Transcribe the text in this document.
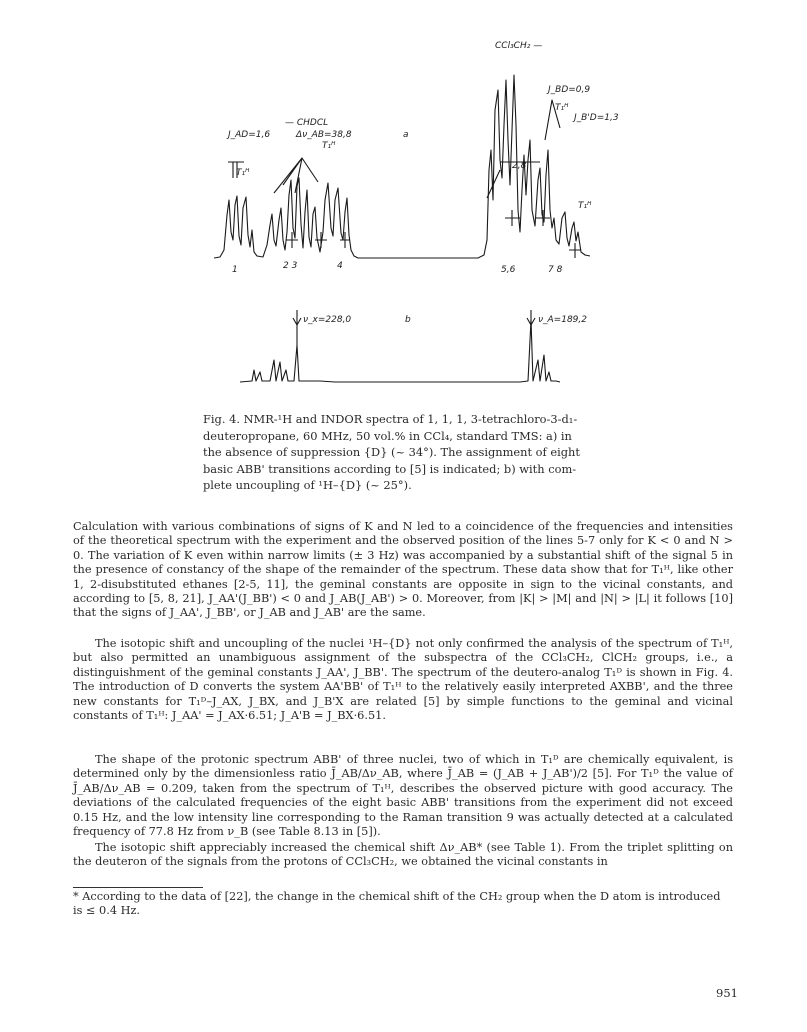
CCl₃CH₂ —
J_BD=0,9
J_B'D=1,3
— CHDCL
J_AD=1,6	Δν_AB=38,8	a
T₁ᴴ
T₁ᴴ
T₁ᴴ
2,8
T₁ᴴ
1	2 3	4	5,6	7 8
ν_x=228,0	b	ν_A=189,2
Fig. 4. NMR-¹H and INDOR spectra of 1, 1, 1, 3-tetrachloro-3-d₁-
deuteropropane, 60 MHz, 50 vol.% in CCl₄, standard TMS: a) in
the absence of suppression {D} (~ 34°). The assignment of eight
basic ABB' transitions according to [5] is indicated; b) with com-
plete uncoupling of ¹H–{D} (~ 25°).
Calculation with various combinations of signs of K and N led to a coincidence of the frequencies and intensities of the theoretical spectrum with the experiment and the observed position of the lines 5-7 only for K < 0 and N > 0. The variation of K even within narrow limits (± 3 Hz) was accompanied by a substantial shift of the signal 5 in the presence of constancy of the shape of the remainder of the spectrum. These data show that for T₁ᴴ, like other 1, 2-disubstituted ethanes [2-5, 11], the geminal constants are opposite in sign to the vicinal constants, and according to [5, 8, 21], J_AA'(J_BB') < 0 and J_AB(J_AB') > 0. Moreover, from |K| > |M| and |N| > |L| it follows [10] that the signs of J_AA', J_BB', or J_AB and J_AB' are the same.
The isotopic shift and uncoupling of the nuclei ¹H–{D} not only confirmed the analysis of the spectrum of T₁ᴴ, but also permitted an unambiguous assignment of the subspectra of the CCl₃CH₂, ClCH₂ groups, i.e., a distinguishment of the geminal constants J_AA', J_BB'. The spectrum of the deutero-analog T₁ᴰ is shown in Fig. 4. The introduction of D converts the system AA'BB' of T₁ᴴ to the relatively easily interpreted AXBB', and the three new constants for T₁ᴰ–J_AX, J_BX, and J_B'X are related [5] by simple functions to the geminal and vicinal constants of T₁ᴴ: J_AA' = J_AX·6.51; J_A'B = J_BX·6.51.
The shape of the protonic spectrum ABB' of three nuclei, two of which in T₁ᴰ are chemically equivalent, is determined only by the dimensionless ratio J̄_AB/Δν_AB, where J̄_AB = (J_AB + J_AB')/2 [5]. For T₁ᴰ the value of J̄_AB/Δν_AB = 0.209, taken from the spectrum of T₁ᴴ, describes the observed picture with good accuracy. The deviations of the calculated frequencies of the eight basic ABB' transitions from the experiment did not exceed 0.15 Hz, and the low intensity line corresponding to the Raman transition 9 was actually detected at a calculated frequency of 77.8 Hz from ν_B (see Table 8.13 in [5]).
The isotopic shift appreciably increased the chemical shift Δν_AB* (see Table 1). From the triplet splitting on the deuteron of the signals from the protons of CCl₃CH₂, we obtained the vicinal constants in
* According to the data of [22], the change in the chemical shift of the CH₂ group when the D atom is introduced is ≤ 0.4 Hz.
951
